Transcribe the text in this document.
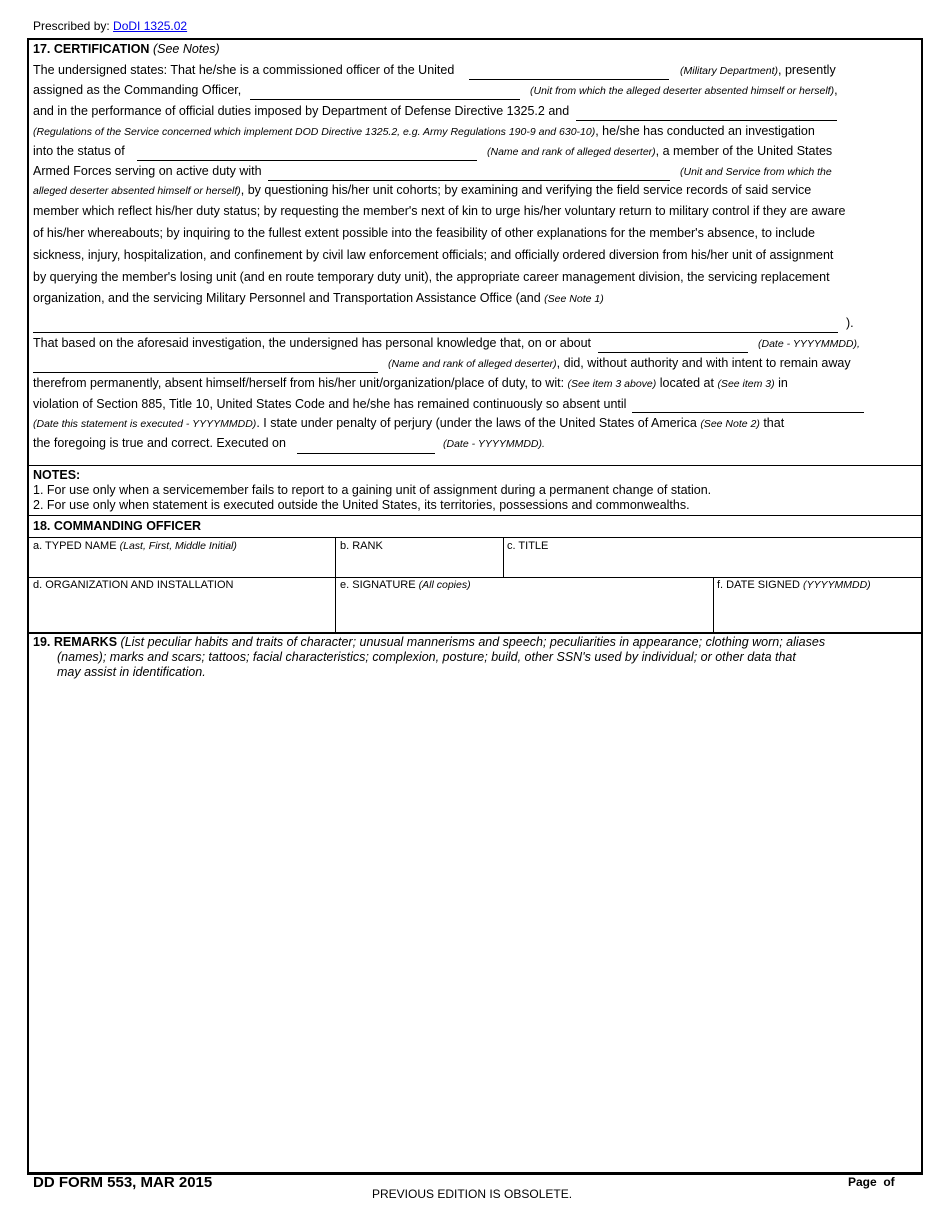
Prescribed by: DoDI 1325.02
17. CERTIFICATION (See Notes)
The undersigned states: That he/she is a commissioned officer of the United	(Military Department), presently
assigned as the Commanding Officer,	(Unit from which the alleged deserter absented himself or herself),
and in the performance of official duties imposed by Department of Defense Directive 1325.2 and
(Regulations of the Service concerned which implement DOD Directive 1325.2, e.g. Army Regulations 190-9 and 630-10), he/she has conducted an investigation
into the status of	(Name and rank of alleged deserter), a member of the United States
Armed Forces serving on active duty with	(Unit and Service from which the
alleged deserter absented himself or herself), by questioning his/her unit cohorts; by examining and verifying the field service records of said service
member which reflect his/her duty status; by requesting the member's next of kin to urge his/her voluntary return to military control if they are aware
of his/her whereabouts; by inquiring to the fullest extent possible into the feasibility of other explanations for the member's absence, to include
sickness, injury, hospitalization, and confinement by civil law enforcement officials; and officially ordered diversion from his/her unit of assignment
by querying the member's losing unit (and en route temporary duty unit), the appropriate career management division, the servicing replacement
organization, and the servicing Military Personnel and Transportation Assistance Office (and (See Note 1)
).
That based on the aforesaid investigation, the undersigned has personal knowledge that, on or about	(Date - YYYYMMDD),
(Name and rank of alleged deserter), did, without authority and with intent to remain away
therefrom permanently, absent himself/herself from his/her unit/organization/place of duty, to wit: (See item 3 above) located at (See item 3) in
violation of Section 885, Title 10, United States Code and he/she has remained continuously so absent until
(Date this statement is executed - YYYYMMDD). I state under penalty of perjury (under the laws of the United States of America (See Note 2) that
the foregoing is true and correct. Executed on	(Date - YYYYMMDD).
NOTES:
1. For use only when a servicemember fails to report to a gaining unit of assignment during a permanent change of station.
2. For use only when statement is executed outside the United States, its territories, possessions and commonwealths.
18. COMMANDING OFFICER
a. TYPED NAME (Last, First, Middle Initial)	b. RANK	c. TITLE
d. ORGANIZATION AND INSTALLATION	e. SIGNATURE (All copies)	f. DATE SIGNED (YYYYMMDD)
19. REMARKS (List peculiar habits and traits of character; unusual mannerisms and speech; peculiarities in appearance; clothing worn; aliases
(names); marks and scars; tattoos; facial characteristics; complexion, posture; build, other SSN's used by individual; or other data that
may assist in identification.
DD FORM 553, MAR 2015
PREVIOUS EDITION IS OBSOLETE.
Page  of
